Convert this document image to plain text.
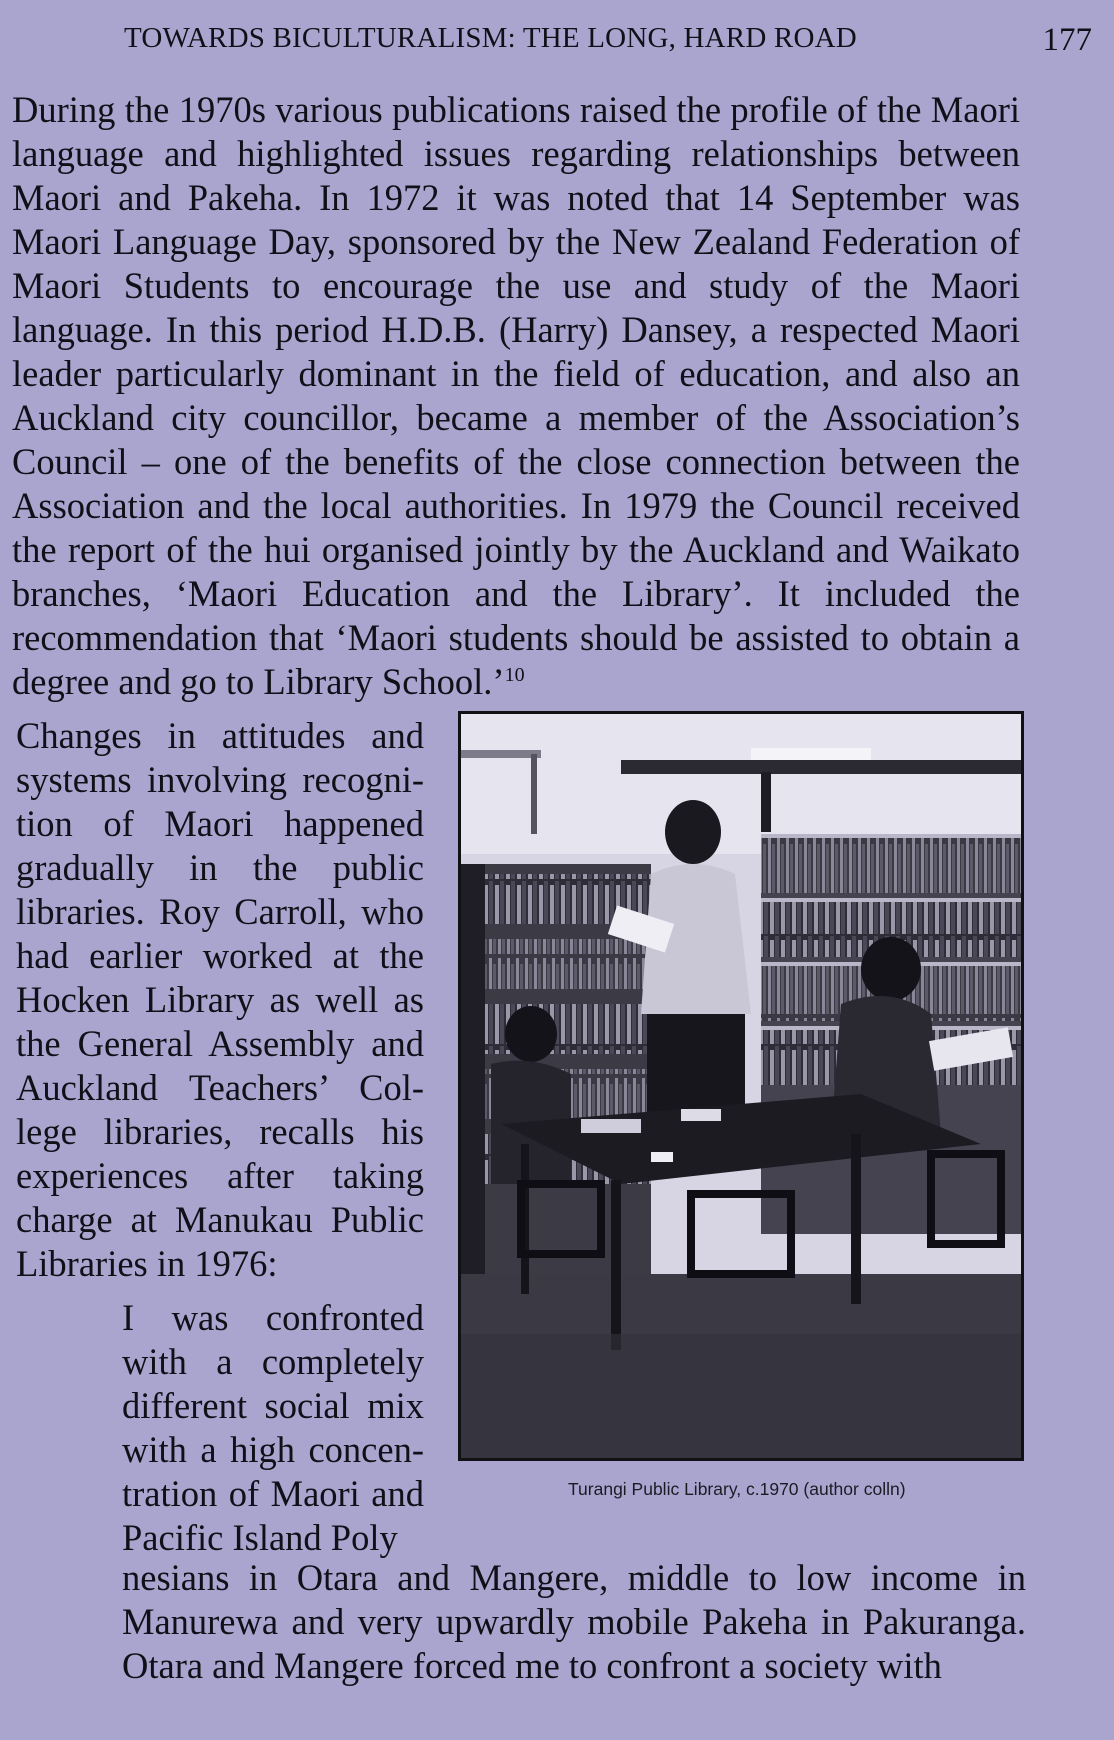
TOWARDS BICULTURALISM: THE LONG, HARD ROAD	177

During the 1970s various publications raised the profile of the Maori language and highlighted issues regarding relationships between Maori and Pakeha. In 1972 it was noted that 14 September was Maori Language Day, sponsored by the New Zealand Federation of Maori Students to encourage the use and study of the Maori language. In this period H.D.B. (Harry) Dansey, a respected Maori leader particularly dominant in the field of education, and also an Auckland city councillor, became a member of the Association’s Council – one of the benefits of the close connection between the Association and the local authorities. In 1979 the Council received the report of the hui organised jointly by the Auckland and Waikato branches, ‘Maori Education and the Library’. It included the recommendation that ‘Maori students should be assisted to obtain a degree and go to Library School.’$^{10}$

Changes in attitudes and systems involving recognition of Maori happened gradually in the public libraries. Roy Carroll, who had earlier worked at the Hocken Library as well as the General Assembly and Auckland Teachers’ College libraries, recalls his experiences after taking charge at Manukau Public Libraries in 1976:

I was confronted with a completely different social mix with a high concentration of Maori and Pacific Island Poly

nesians in Otara and Mangere, middle to low income in Manurewa and very upwardly mobile Pakeha in Pakuranga. Otara and Mangere forced me to confront a society with

Turangi Public Library, c.1970 (author colln)
